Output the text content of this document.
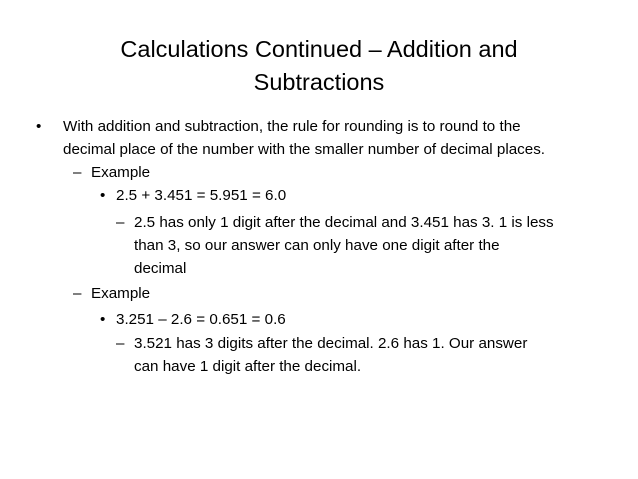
Calculations Continued – Addition and
Subtractions
• With addition and subtraction, the rule for rounding is to round to the
decimal place of the number with the smaller number of decimal places.
– Example
• 2.5 + 3.451 = 5.951 = 6.0
– 2.5 has only 1 digit after the decimal and 3.451 has 3. 1 is less
than 3, so our answer can only have one digit after the
decimal
– Example
• 3.251 – 2.6 = 0.651 = 0.6
– 3.521 has 3 digits after the decimal. 2.6 has 1. Our answer
can have 1 digit after the decimal.
